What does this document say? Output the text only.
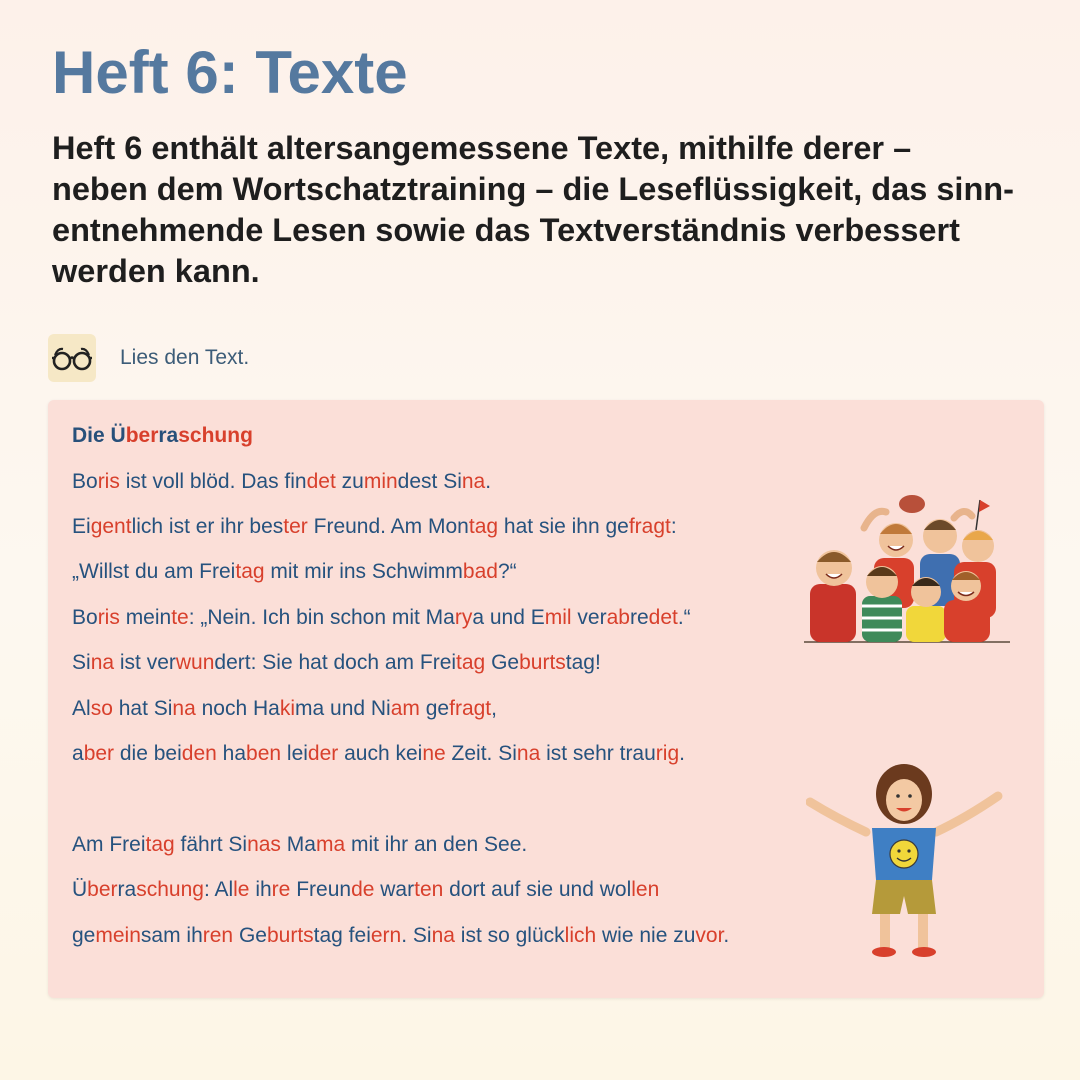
Heft 6: Texte

Heft 6 enthält altersangemessene Texte, mithilfe derer –
neben dem Wortschatztraining – die Leseflüssigkeit, das sinn-
entnehmende Lesen sowie das Textverständnis verbessert
werden kann.

Lies den Text.
Die Überraschung
Boris ist voll blöd. Das findet zumindest Sina.
Eigentlich ist er ihr bester Freund. Am Montag hat sie ihn gefragt:
„Willst du am Freitag mit mir ins Schwimmbad?“
Boris meinte: „Nein. Ich bin schon mit Marya und Emil verabredet.“
Sina ist verwundert: Sie hat doch am Freitag Geburtstag!
Also hat Sina noch Hakima und Niam gefragt,
aber die beiden haben leider auch keine Zeit. Sina ist sehr traurig.
Am Freitag fährt Sinas Mama mit ihr an den See.
Überraschung: Alle ihre Freunde warten dort auf sie und wollen
gemeinsam ihren Geburtstag feiern. Sina ist so glücklich wie nie zuvor.
